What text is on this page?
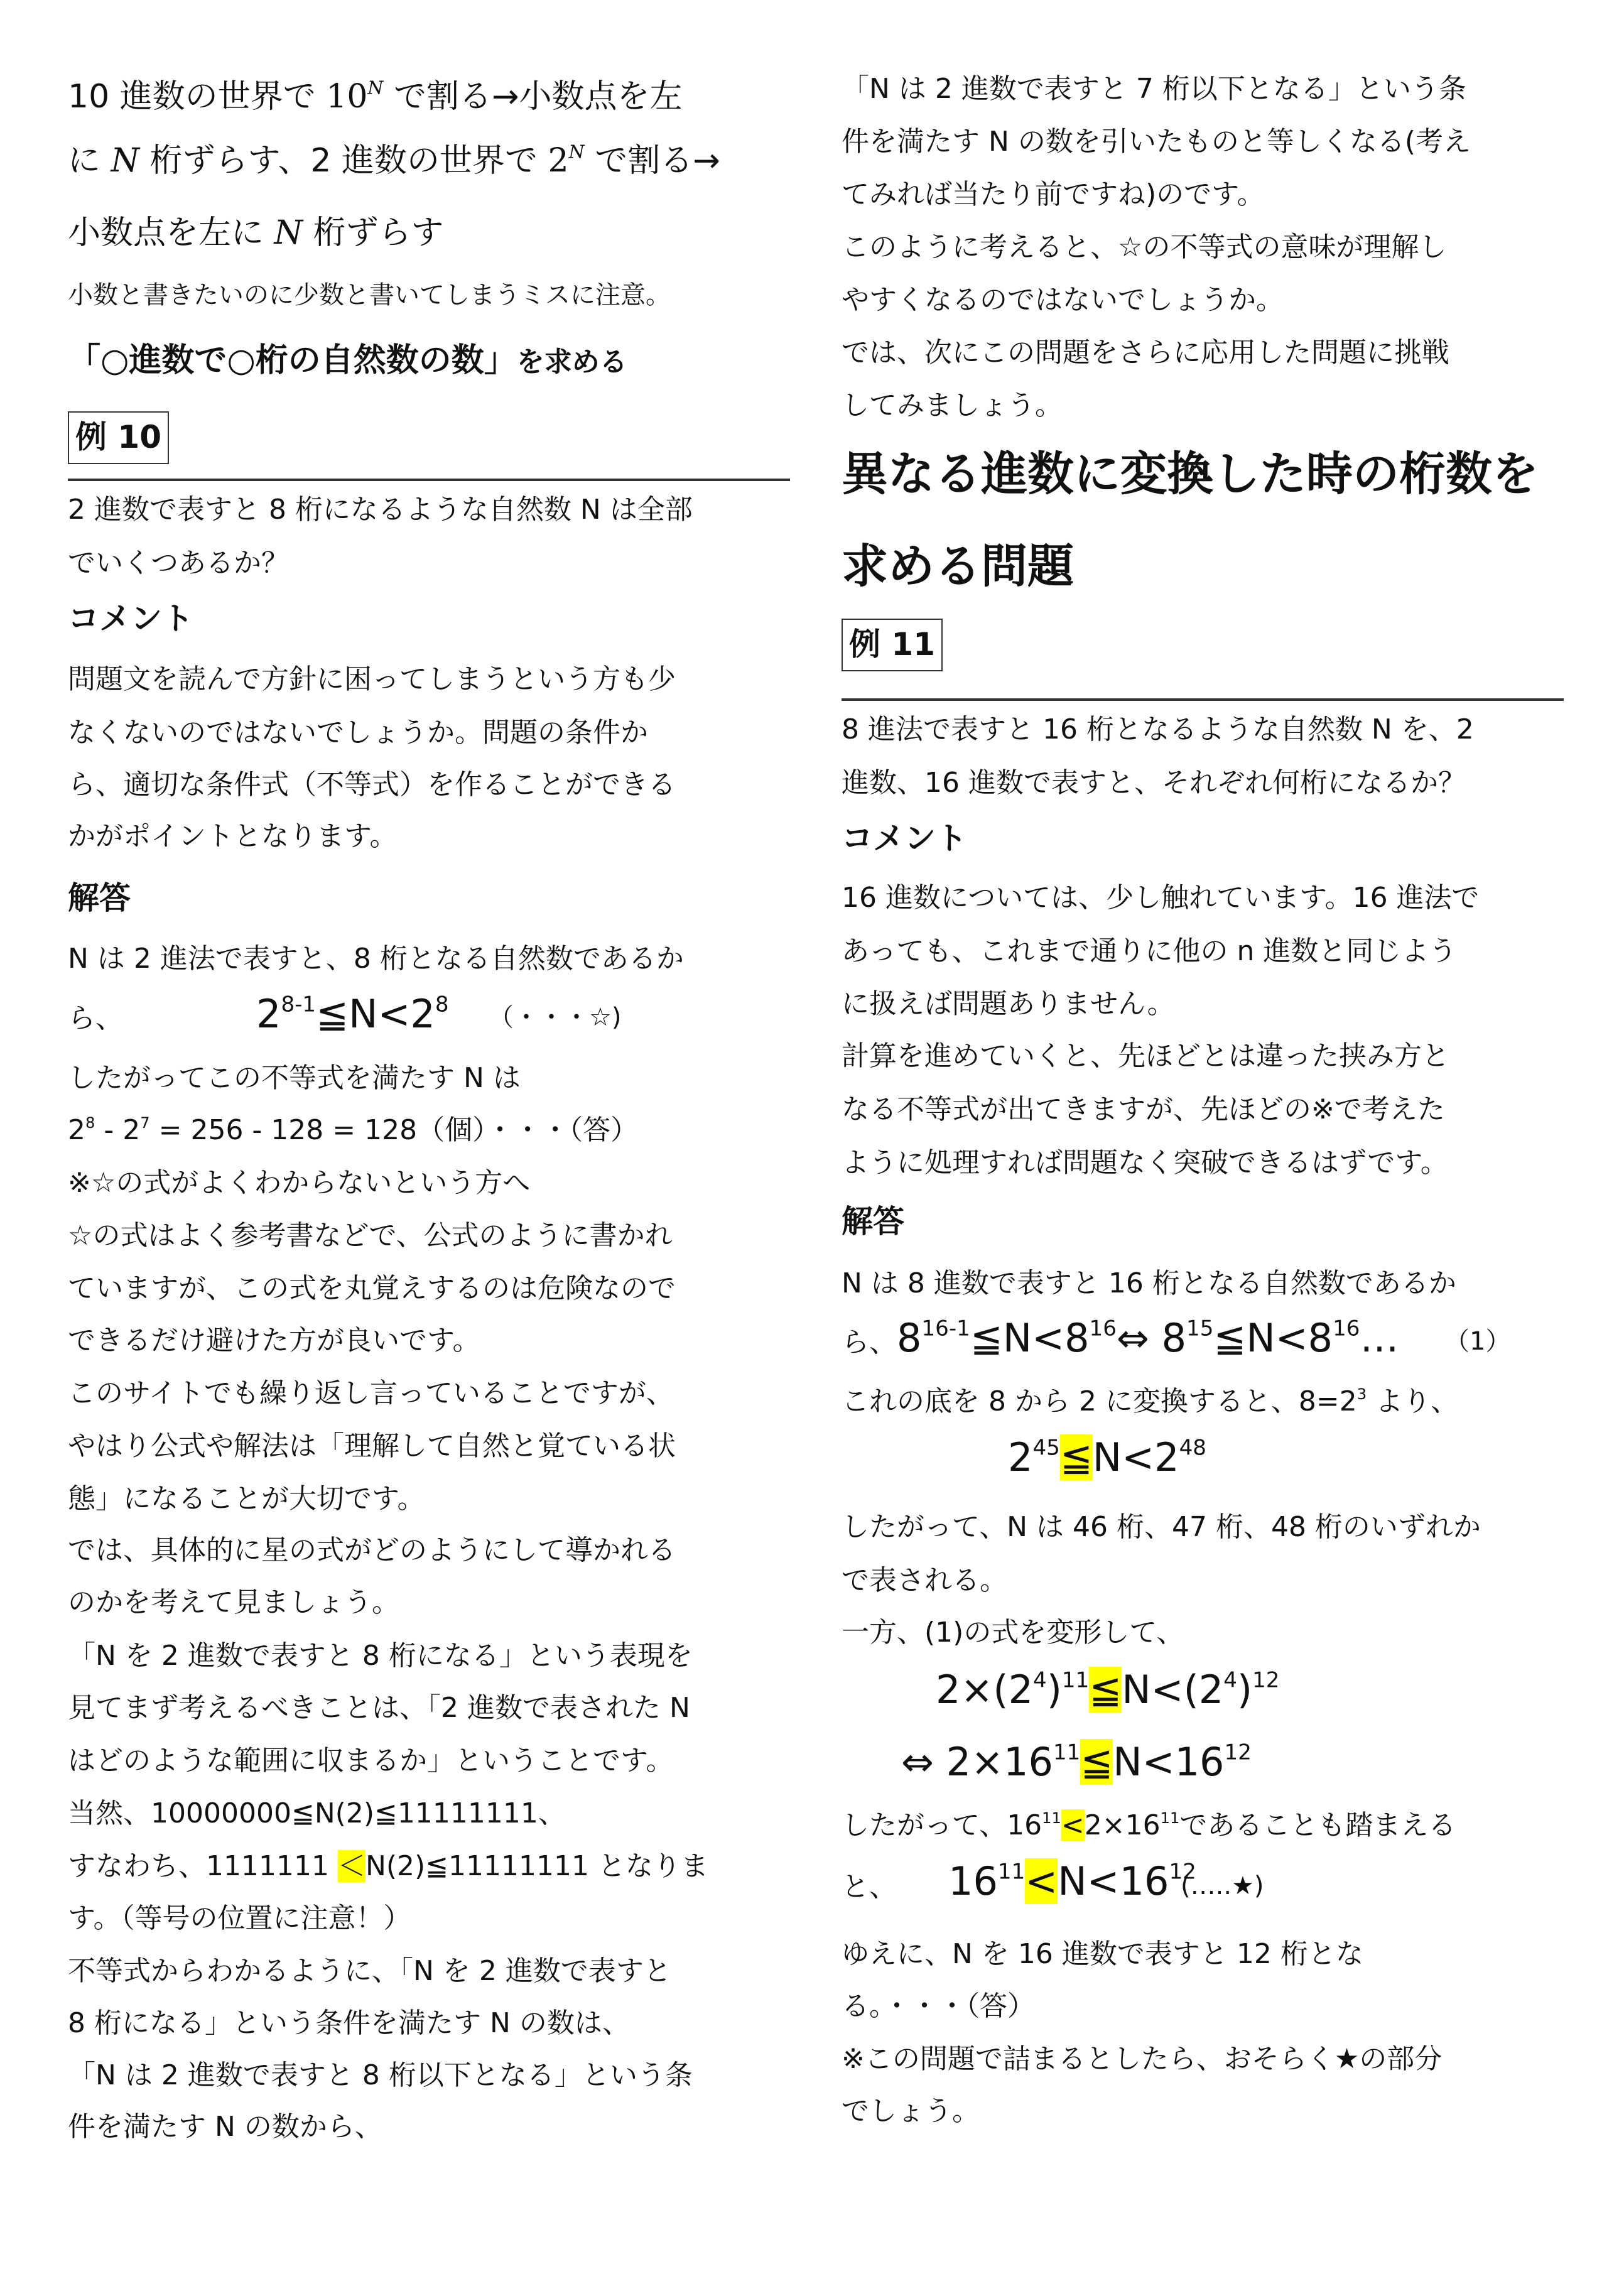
10 進数の世界で $10^N$ で割る→小数点を左
に N 桁ずらす、2 進数の世界で $2^N$ で割る→
小数点を左に N 桁ずらす
小数と書きたいのに少数と書いてしまうミスに注意。
「○進数で○桁の自然数の数」を求める
例 10
2 進数で表すと 8 桁になるような自然数 N は全部
でいくつあるか？
コメント
問題文を読んで方針に困ってしまうという方も少
なくないのではないでしょうか。問題の条件か
ら、適切な条件式（不等式）を作ることができる
かがポイントとなります。
解答
N は 2 進法で表すと、8 桁となる自然数であるか
ら、	$2^{8-1}≦N<2^8$ （・・・☆)
したがってこの不等式を満たす N は
$2^8 - 2^7 = 256 - 128 = 128$（個）・・・（答）
※☆の式がよくわからないという方へ
☆の式はよく参考書などで、公式のように書かれ
ていますが、この式を丸覚えするのは危険なので
できるだけ避けた方が良いです。
このサイトでも繰り返し言っていることですが、
やはり公式や解法は「理解して自然と覚ている状
態」になることが大切です。
では、具体的に星の式がどのようにして導かれる
のかを考えて見ましょう。
「N を 2 進数で表すと 8 桁になる」という表現を
見てまず考えるべきことは、「2 進数で表された N
はどのような範囲に収まるか」ということです。
当然、10000000≦N(2)≦11111111、
すなわち、1111111 ＜N(2)≦11111111 となりま
す。（等号の位置に注意！）
不等式からわかるように、「N を 2 進数で表すと
8 桁になる」という条件を満たす N の数は、
「N は 2 進数で表すと 8 桁以下となる」という条
件を満たす N の数から、
「N は 2 進数で表すと 7 桁以下となる」という条
件を満たす N の数を引いたものと等しくなる(考え
てみれば当たり前ですね)のです。
このように考えると、☆の不等式の意味が理解し
やすくなるのではないでしょうか。
では、次にこの問題をさらに応用した問題に挑戦
してみましょう。
異なる進数に変換した時の桁数を
求める問題
例 11
8 進法で表すと 16 桁となるような自然数 N を、2
進数、16 進数で表すと、それぞれ何桁になるか？
コメント
16 進数については、少し触れています。16 進法で
あっても、これまで通りに他の n 進数と同じよう
に扱えば問題ありません。
計算を進めていくと、先ほどとは違った挟み方と
なる不等式が出てきますが、先ほどの※で考えた
ように処理すれば問題なく突破できるはずです。
解答
N は 8 進数で表すと 16 桁となる自然数であるか
ら、 $8^{16-1}≦N<8^{16}\Leftrightarrow$ $8^{15}≦N<8^{16}\dots$ （1）
これの底を 8 から 2 に変換すると、$8=2^3$ より、
$2^{45}≦N<2^{48}$
したがって、N は 46 桁、47 桁、48 桁のいずれか
で表される。
一方、(1)の式を変形して、
$2\times(2^4)^{11}≦N<(2^4)^{12}$
⇔ $2\times 16^{11}≦N<16^{12}$
したがって、$16^{11}<2\times 16^{11}$であることも踏まえる
と、 $16^{11}<N<16^{12}$
(…..★)
ゆえに、N を 16 進数で表すと 12 桁とな
る。・・・（答）
※この問題で詰まるとしたら、おそらく★の部分
でしょう。
